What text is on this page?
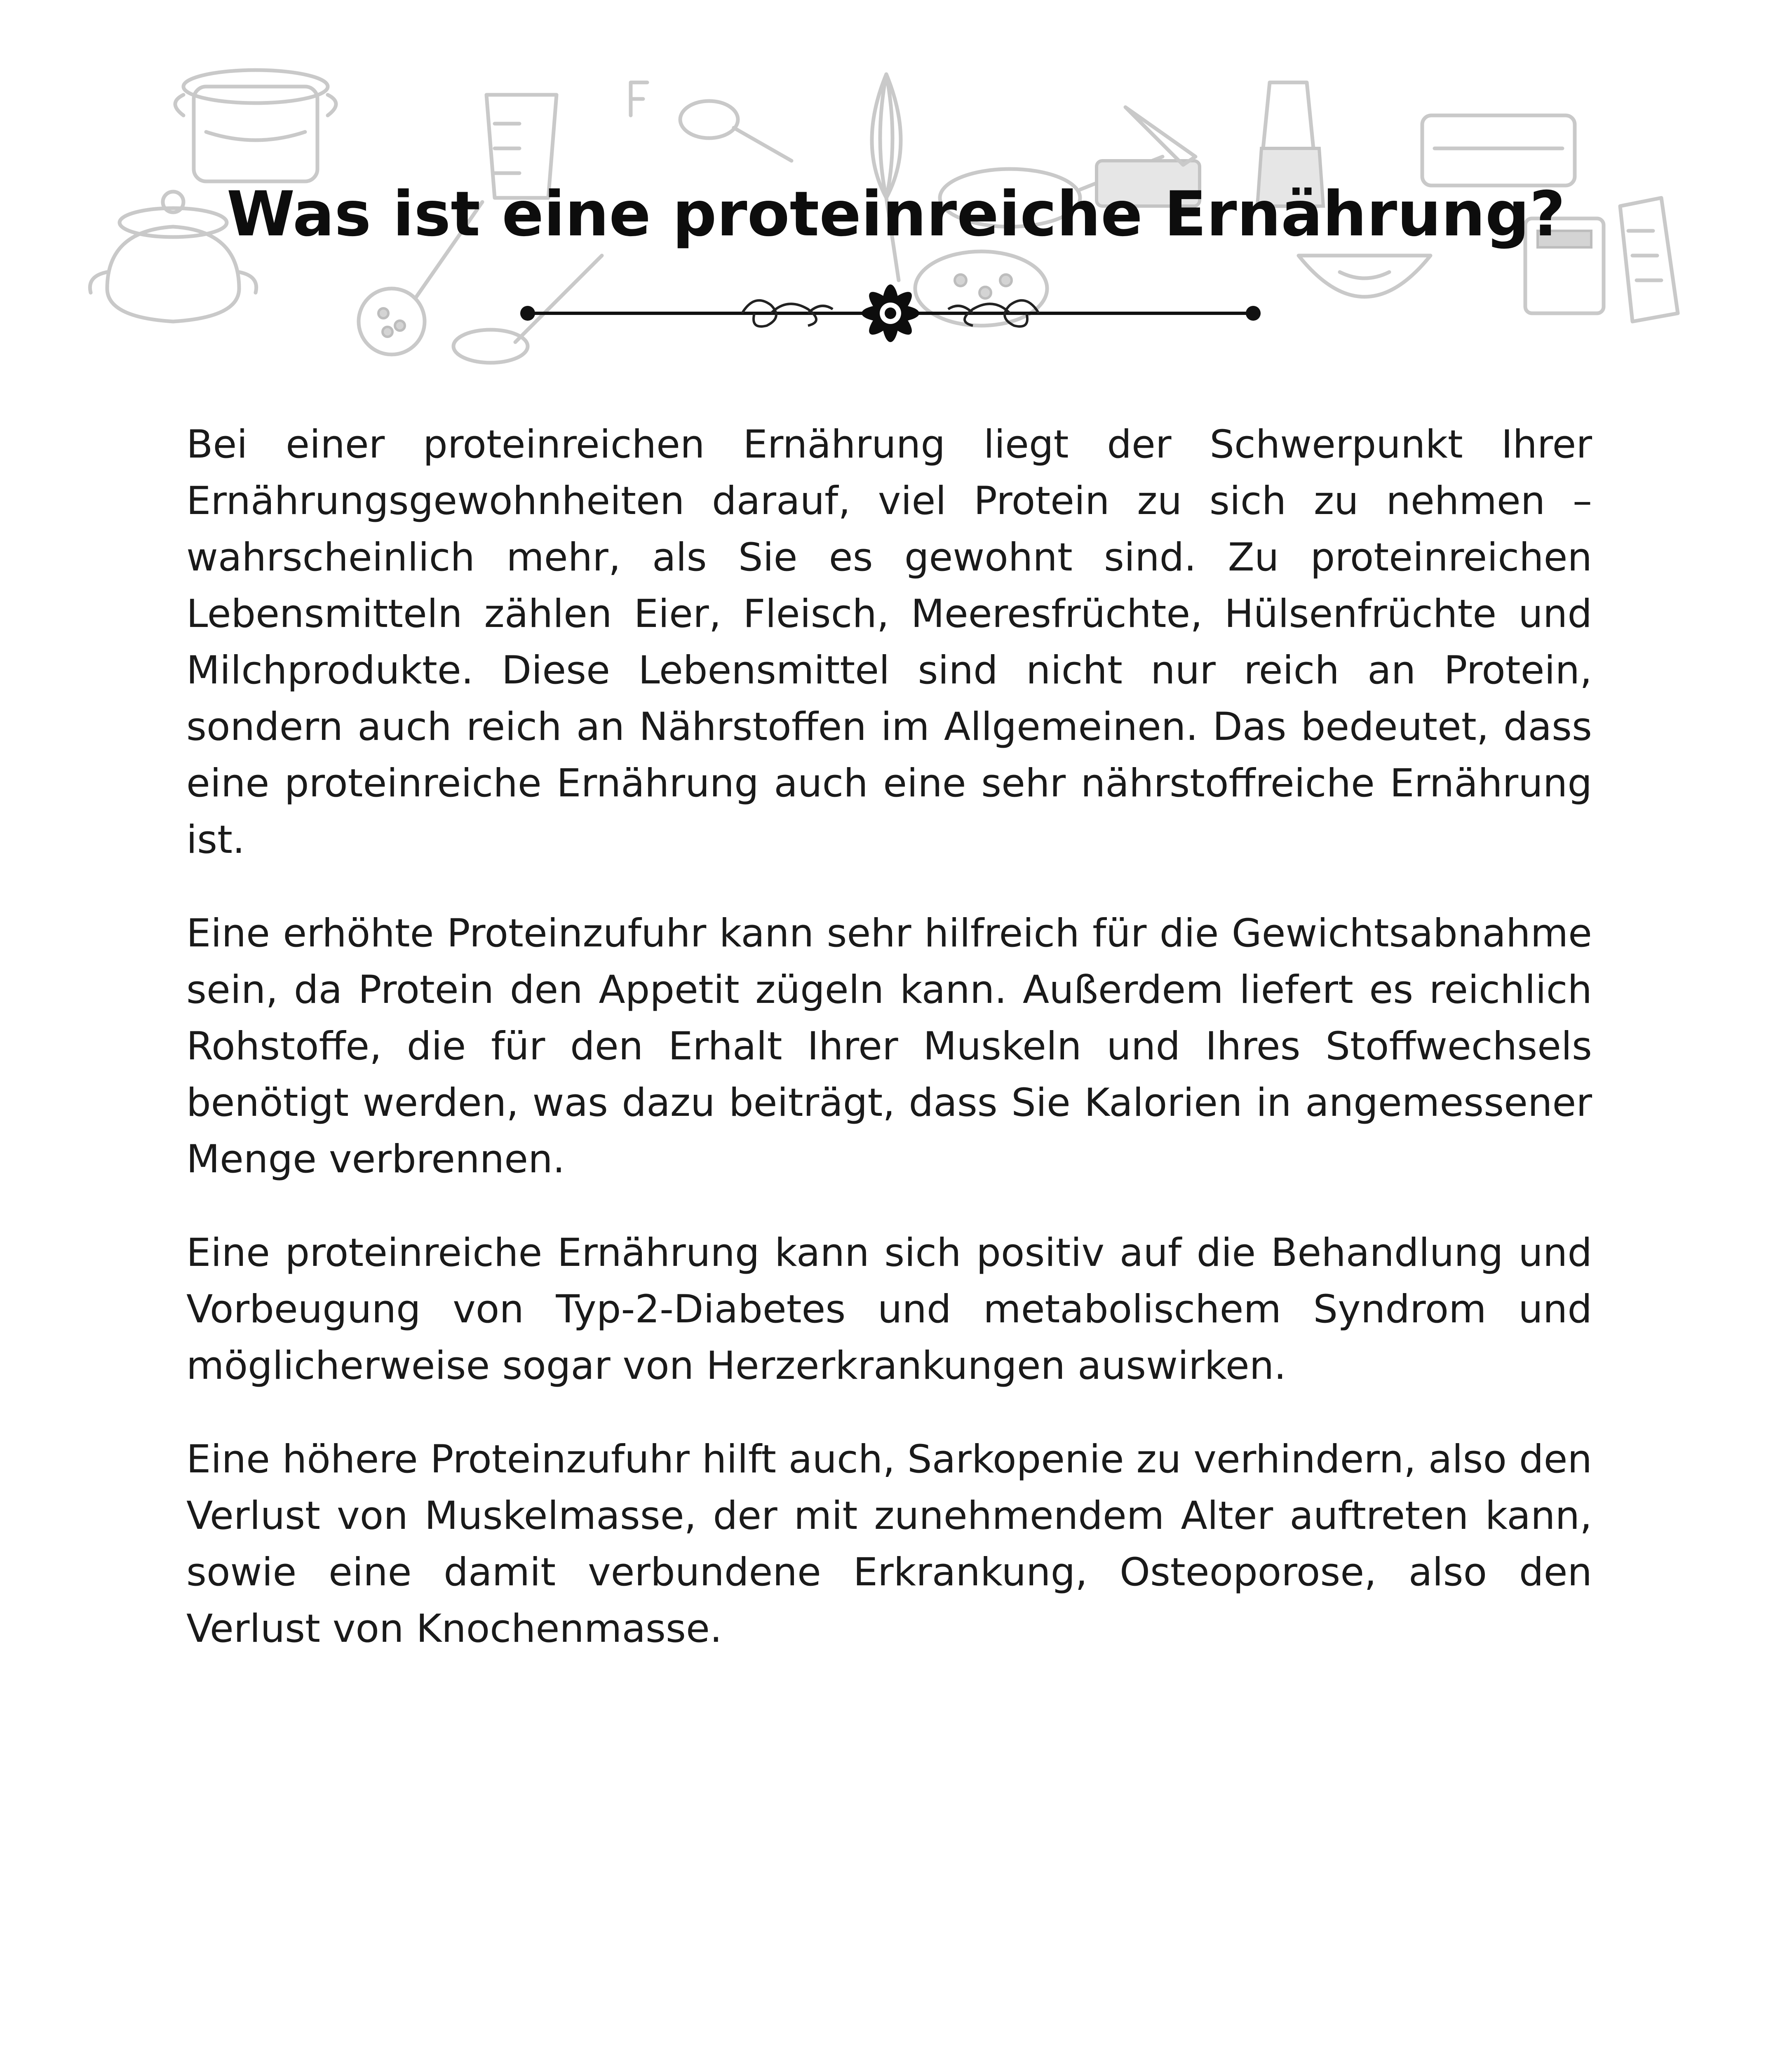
Was ist eine proteinreiche Ernährung?

Bei einer proteinreichen Ernährung liegt der Schwerpunkt Ihrer Ernährungsgewohnheiten darauf, viel Protein zu sich zu nehmen – wahrscheinlich mehr, als Sie es gewohnt sind. Zu proteinreichen Lebensmitteln zählen Eier, Fleisch, Meeresfrüchte, Hülsenfrüchte und Milchprodukte. Diese Lebensmittel sind nicht nur reich an Protein, sondern auch reich an Nährstoffen im Allgemeinen. Das bedeutet, dass eine proteinreiche Ernährung auch eine sehr nährstoffreiche Ernährung ist.

Eine erhöhte Proteinzufuhr kann sehr hilfreich für die Gewichtsabnahme sein, da Protein den Appetit zügeln kann. Außerdem liefert es reichlich Rohstoffe, die für den Erhalt Ihrer Muskeln und Ihres Stoffwechsels benötigt werden, was dazu beiträgt, dass Sie Kalorien in angemessener Menge verbrennen.

Eine proteinreiche Ernährung kann sich positiv auf die Behandlung und Vorbeugung von Typ-2-Diabetes und metabolischem Syndrom und möglicherweise sogar von Herzerkrankungen auswirken.

Eine höhere Proteinzufuhr hilft auch, Sarkopenie zu verhindern, also den Verlust von Muskelmasse, der mit zunehmendem Alter auftreten kann, sowie eine damit verbundene Erkrankung, Osteoporose, also den Verlust von Knochenmasse.
